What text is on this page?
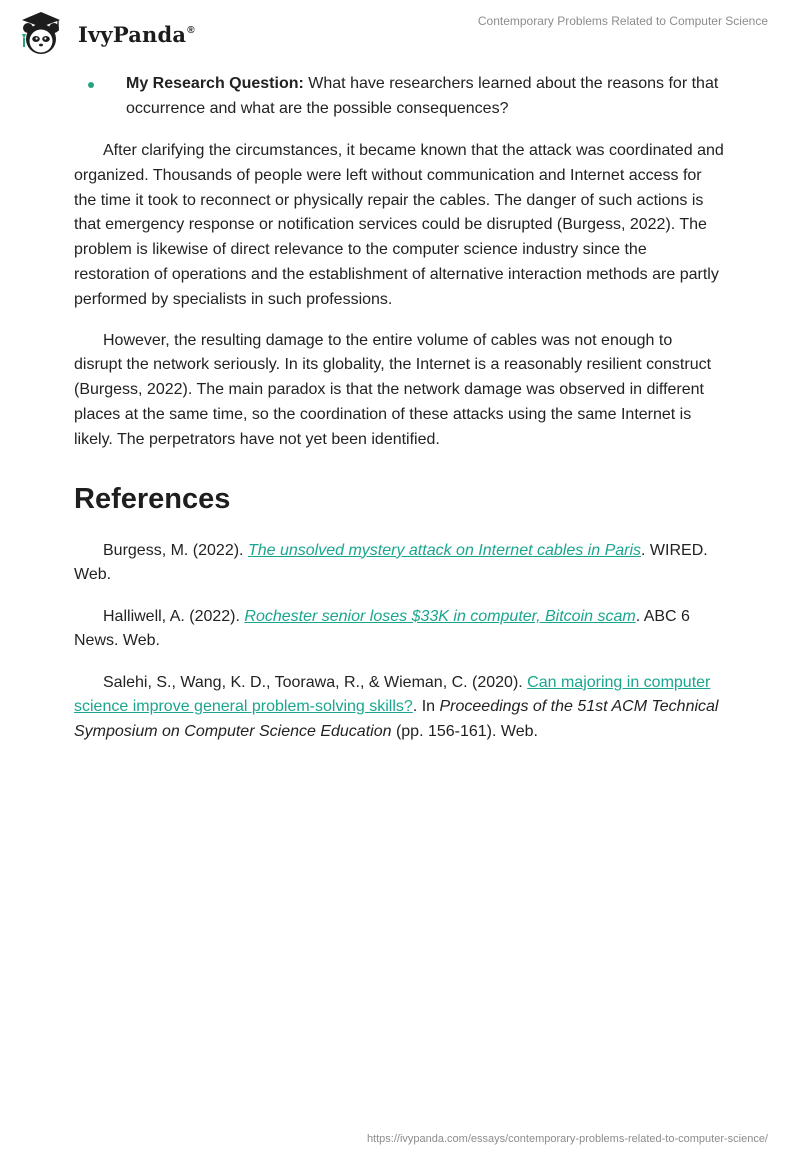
IvyPanda®
Contemporary Problems Related to Computer Science
My Research Question: What have researchers learned about the reasons for that occurrence and what are the possible consequences?

After clarifying the circumstances, it became known that the attack was coordinated and organized. Thousands of people were left without communication and Internet access for the time it took to reconnect or physically repair the cables. The danger of such actions is that emergency response or notification services could be disrupted (Burgess, 2022). The problem is likewise of direct relevance to the computer science industry since the restoration of operations and the establishment of alternative interaction methods are partly performed by specialists in such professions.

However, the resulting damage to the entire volume of cables was not enough to disrupt the network seriously. In its globality, the Internet is a reasonably resilient construct (Burgess, 2022). The main paradox is that the network damage was observed in different places at the same time, so the coordination of these attacks using the same Internet is likely. The perpetrators have not yet been identified.

References

Burgess, M. (2022). The unsolved mystery attack on Internet cables in Paris. WIRED. Web.

Halliwell, A. (2022). Rochester senior loses $33K in computer, Bitcoin scam. ABC 6 News. Web.

Salehi, S., Wang, K. D., Toorawa, R., & Wieman, C. (2020). Can majoring in computer science improve general problem-solving skills?. In Proceedings of the 51st ACM Technical Symposium on Computer Science Education (pp. 156-161). Web.

https://ivypanda.com/essays/contemporary-problems-related-to-computer-science/
